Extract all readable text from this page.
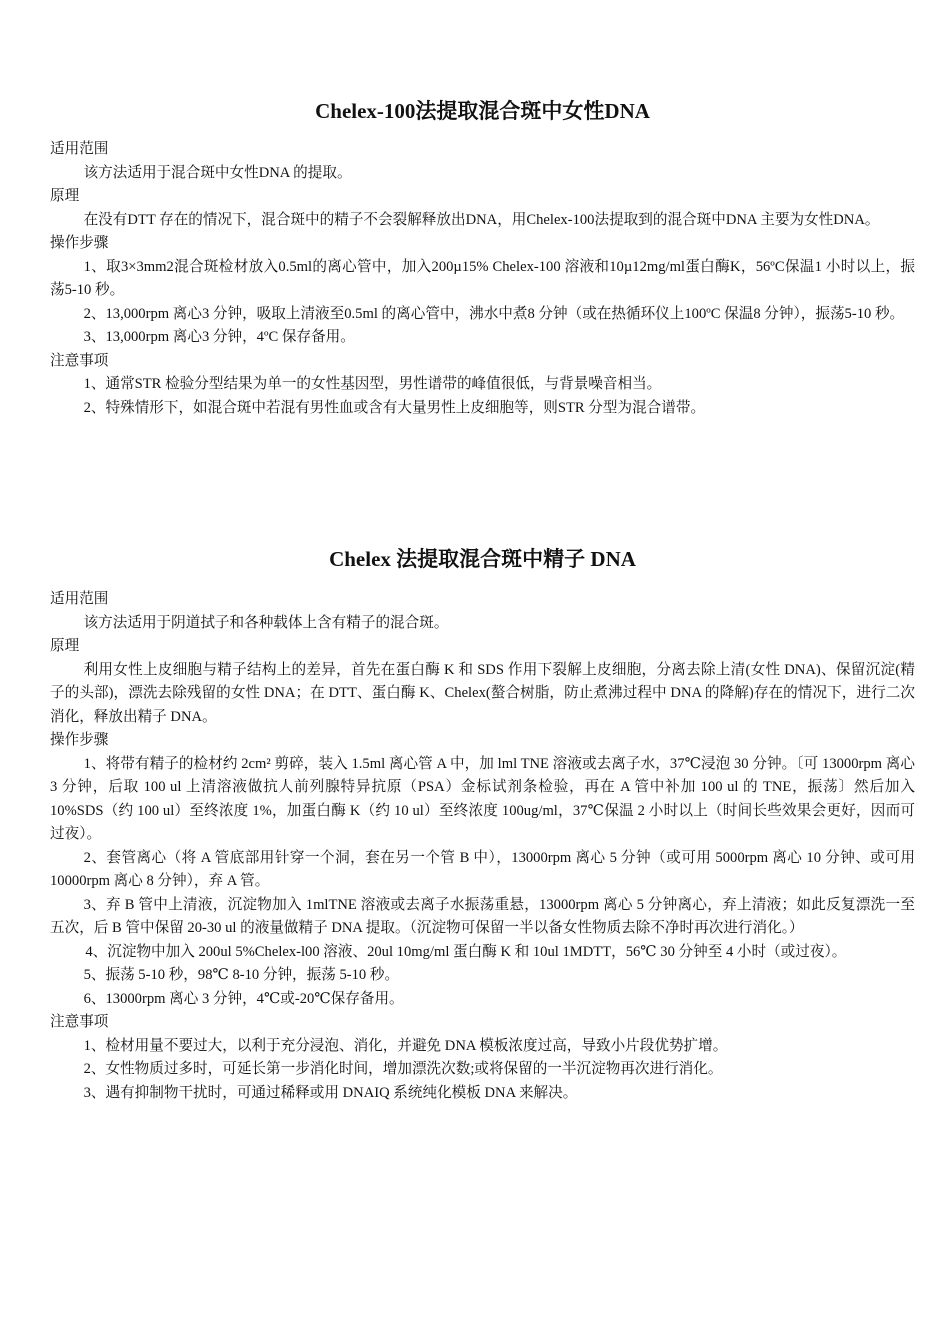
Chelex-100法提取混合斑中女性DNA

适用范围

该方法适用于混合斑中女性DNA 的提取。

原理

在没有DTT 存在的情况下，混合斑中的精子不会裂解释放出DNA，用Chelex-100法提取到的混合斑中DNA 主要为女性DNA。

操作步骤

1、取3×3mm2混合斑检材放入0.5ml的离心管中，加入200µ15% Chelex-100 溶液和10µ12mg/ml蛋白酶K，56ºC保温1 小时以上，振荡5-10 秒。

2、13,000rpm 离心3 分钟，吸取上清液至0.5ml 的离心管中，沸水中煮8 分钟（或在热循环仪上100ºC 保温8 分钟），振荡5-10 秒。

3、13,000rpm 离心3 分钟，4ºC 保存备用。

注意事项

1、通常STR 检验分型结果为单一的女性基因型，男性谱带的峰值很低，与背景噪音相当。

2、特殊情形下，如混合斑中若混有男性血或含有大量男性上皮细胞等，则STR 分型为混合谱带。

Chelex 法提取混合斑中精子 DNA

适用范围

该方法适用于阴道拭子和各种载体上含有精子的混合斑。

原理

利用女性上皮细胞与精子结构上的差异，首先在蛋白酶 K 和 SDS 作用下裂解上皮细胞，分离去除上清(女性 DNA)、保留沉淀(精子的头部)，漂洗去除残留的女性 DNA；在 DTT、蛋白酶 K、Chelex(螯合树脂，防止煮沸过程中 DNA 的降解)存在的情况下，进行二次消化，释放出精子 DNA。

操作步骤

1、将带有精子的检材约 2cm² 剪碎，装入 1.5ml 离心管 A 中，加 lml TNE 溶液或去离子水，37℃浸泡 30 分钟。〔可 13000rpm 离心 3 分钟，后取 100 ul 上清溶液做抗人前列腺特异抗原（PSA）金标试剂条检验，再在 A 管中补加 100 ul 的 TNE，振荡〕然后加入 10%SDS（约 100 ul）至终浓度 1%，加蛋白酶 K（约 10 ul）至终浓度 100ug/ml，37℃保温 2 小时以上（时间长些效果会更好，因而可过夜）。

2、套管离心（将 A 管底部用针穿一个洞，套在另一个管 B 中），13000rpm 离心 5 分钟（或可用 5000rpm 离心 10 分钟、或可用 10000rpm 离心 8 分钟），弃 A 管。

3、弃 B 管中上清液，沉淀物加入 1mlTNE 溶液或去离子水振荡重悬，13000rpm 离心 5 分钟离心，弃上清液；如此反复漂洗一至五次，后 B 管中保留 20-30 ul 的液量做精子 DNA 提取。（沉淀物可保留一半以备女性物质去除不净时再次进行消化。）

4、沉淀物中加入 200ul 5%Chelex-l00 溶液、20ul 10mg/ml 蛋白酶 K 和 10ul 1MDTT，56℃ 30 分钟至 4 小时（或过夜）。

5、振荡 5-10 秒，98℃ 8-10 分钟，振荡 5-10 秒。

6、13000rpm 离心 3 分钟，4℃或-20℃保存备用。

注意事项

1、检材用量不要过大，以利于充分浸泡、消化，并避免 DNA 模板浓度过高，导致小片段优势扩增。

2、女性物质过多时，可延长第一步消化时间，增加漂洗次数;或将保留的一半沉淀物再次进行消化。

3、遇有抑制物干扰时，可通过稀释或用 DNAIQ 系统纯化模板 DNA 来解决。
